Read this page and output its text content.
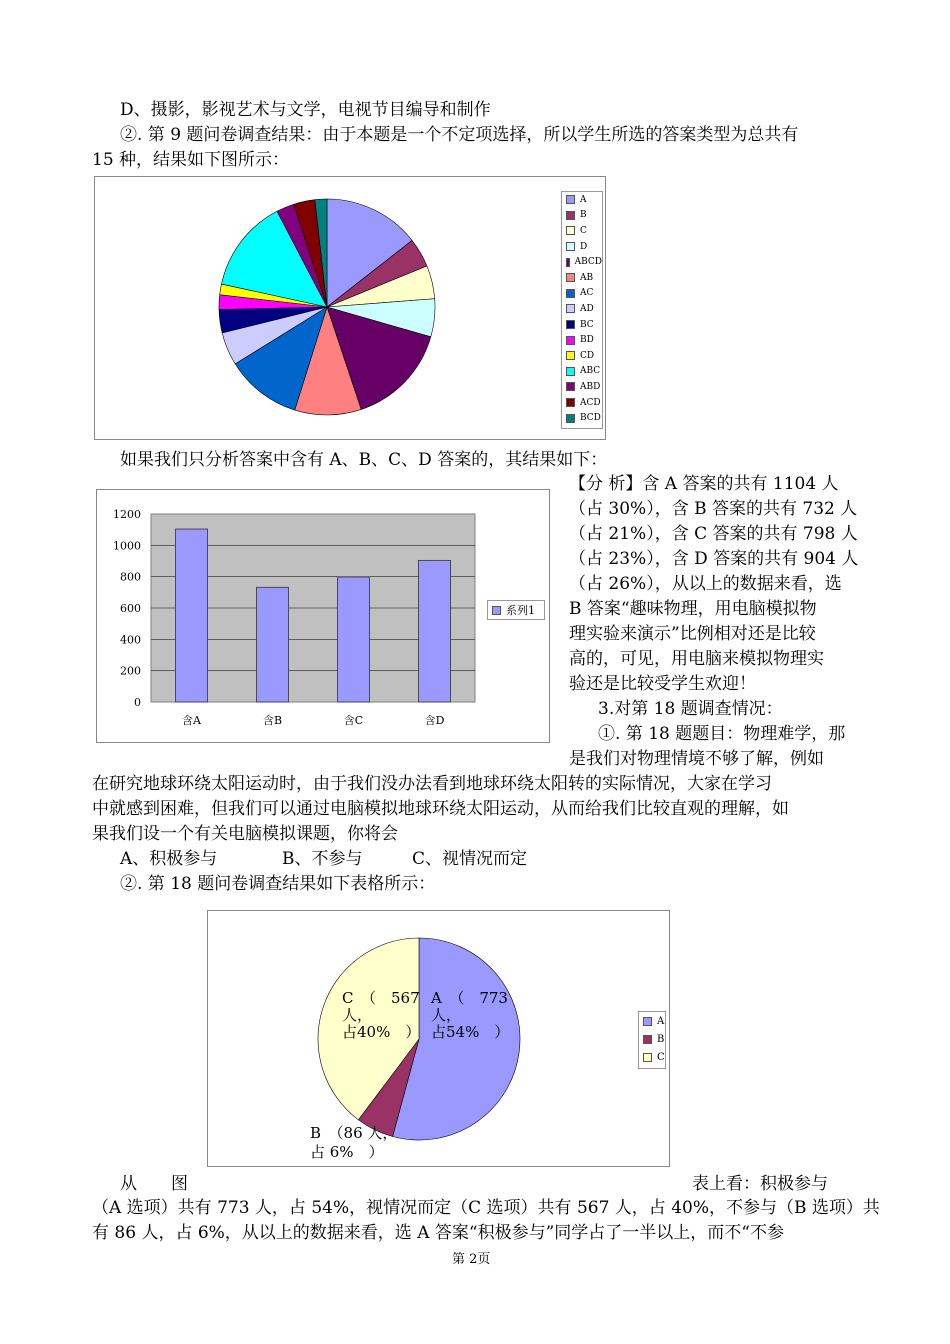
D、摄影，影视艺术与文学，电视节目编导和制作
②. 第 9 题问卷调查结果：由于本题是一个不定项选择，所以学生所选的答案类型为总共有
15 种，结果如下图所示：
A
B
C
D
ABCD
AB
AC
AD
BC
BD
CD
ABC
ABD
ACD
BCD
如果我们只分析答案中含有 A、B、C、D 答案的，其结果如下：
0
200
400
600
800
1000
1200
含A	含B	含C	含D
系列1
【分 析】含 A 答案的共有 1104 人
（占 30%），含 B 答案的共有 732 人
（占 21%），含 C 答案的共有 798 人
（占 23%），含 D 答案的共有 904 人
（占 26%），从以上的数据来看，选
B 答案“趣味物理，用电脑模拟物
理实验来演示”比例相对还是比较
高的，可见，用电脑来模拟物理实
验还是比较受学生欢迎！
3.对第 18 题调查情况：
①. 第 18 题题目：物理难学，那
是我们对物理情境不够了解，例如
在研究地球环绕太阳运动时，由于我们没办法看到地球环绕太阳转的实际情况，大家在学习
中就感到困难，但我们可以通过电脑模拟地球环绕太阳运动，从而给我们比较直观的理解，如
果我们设一个有关电脑模拟课题，你将会
A、积极参与	B、不参与	C、视情况而定
②. 第 18 题问卷调查结果如下表格所示：
A
B
C
C　（　567
人，
占40%　）
A　（　773
人，
占54%　）
B　（86 人，
占 6%　）
从　　图	表上看：积极参与
（A 选项）共有 773 人，占 54%，视情况而定（C 选项）共有 567 人，占 40%，不参与（B 选项）共
有 86 人，占 6%，从以上的数据来看，选 A 答案“积极参与”同学占了一半以上，而不“不参
第 2页
